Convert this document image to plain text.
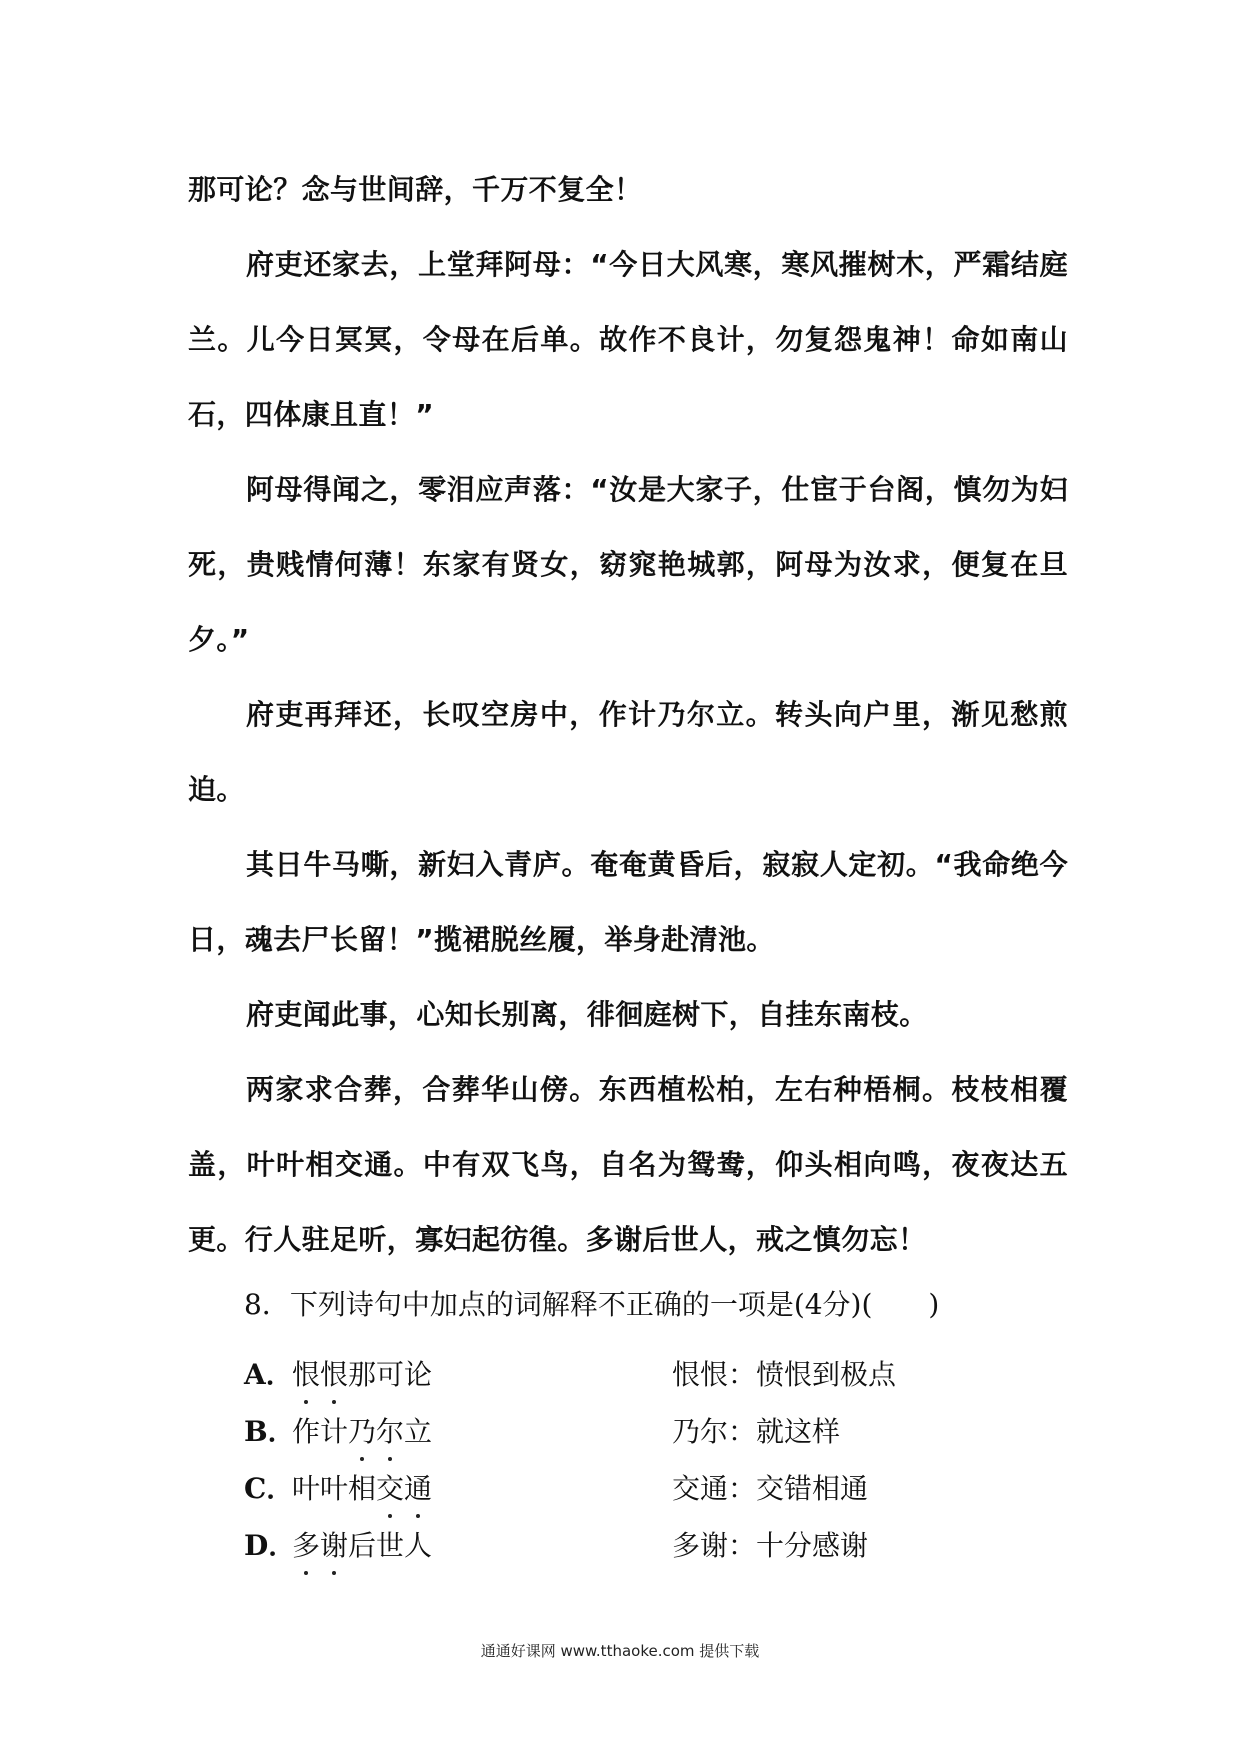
那可论？念与世间辞，千万不复全！

府吏还家去，上堂拜阿母：“今日大风寒，寒风摧树木，严霜结庭兰。儿今日冥冥，令母在后单。故作不良计，勿复怨鬼神！命如南山石，四体康且直！”

阿母得闻之，零泪应声落：“汝是大家子，仕宦于台阁，慎勿为妇死，贵贱情何薄！东家有贤女，窈窕艳城郭，阿母为汝求，便复在旦夕。”

府吏再拜还，长叹空房中，作计乃尔立。转头向户里，渐见愁煎迫。

其日牛马嘶，新妇入青庐。奄奄黄昏后，寂寂人定初。“我命绝今日，魂去尸长留！”揽裙脱丝履，举身赴清池。

府吏闻此事，心知长别离，徘徊庭树下，自挂东南枝。

两家求合葬，合葬华山傍。东西植松柏，左右种梧桐。枝枝相覆盖，叶叶相交通。中有双飞鸟，自名为鸳鸯，仰头相向鸣，夜夜达五更。行人驻足听，寡妇起彷徨。多谢后世人，戒之慎勿忘！

8．下列诗句中加点的词解释不正确的一项是(4分)(　　)
A．
恨恨那可论	恨恨：愤恨到极点
B．
作计乃尔立	乃尔：就这样
C．
叶叶相交通	交通：交错相通
D．
多谢后世人	多谢：十分感谢
通通好课网 www.tthaoke.com 提供下载
